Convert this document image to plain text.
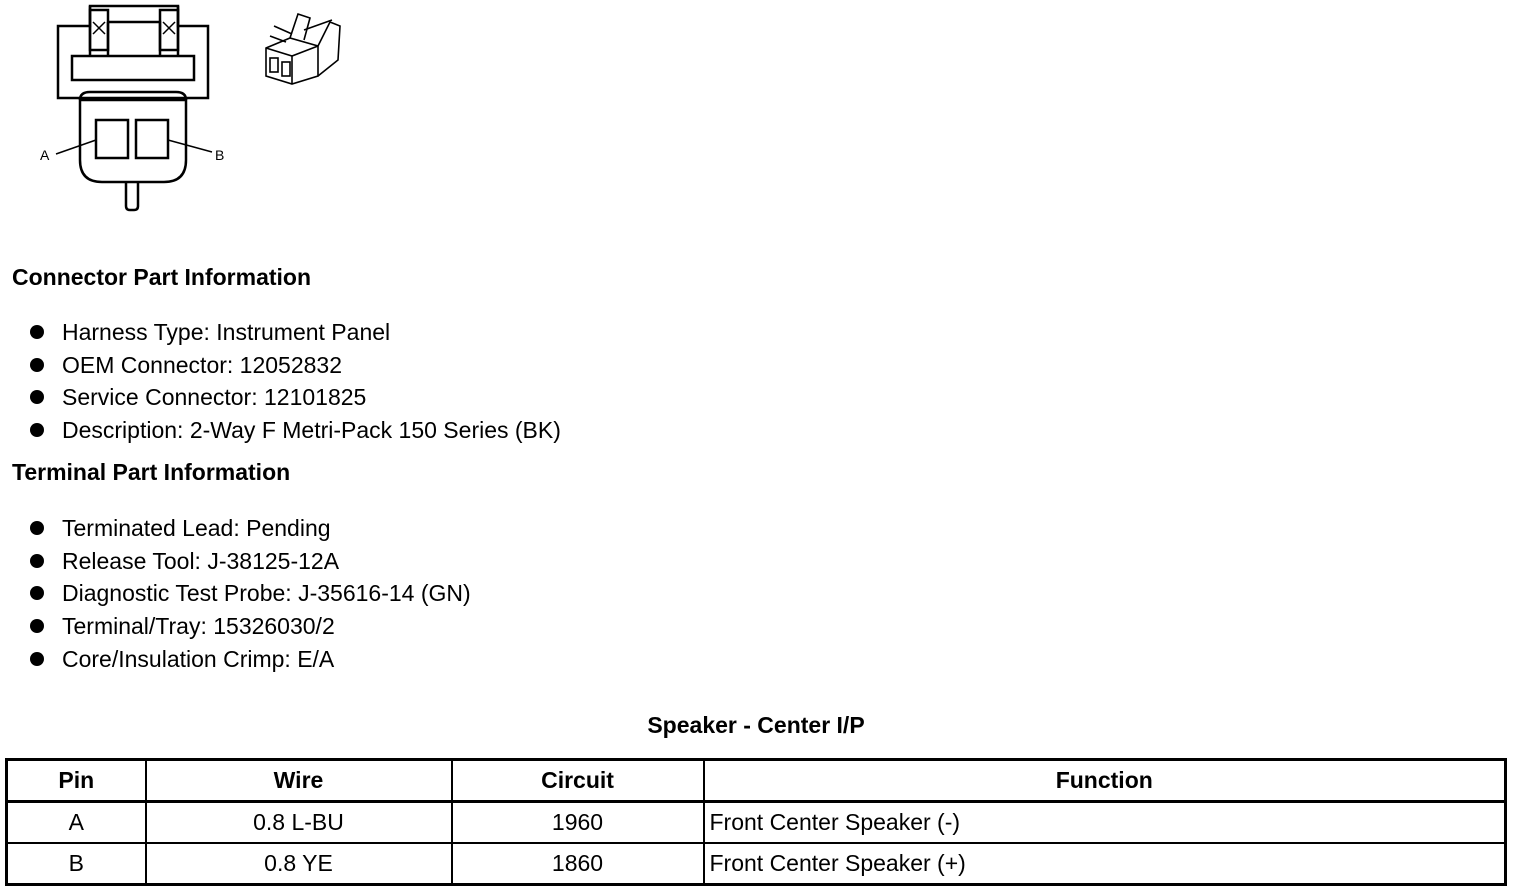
A	B
Connector Part Information
Harness Type: Instrument Panel
OEM Connector: 12052832
Service Connector: 12101825
Description: 2-Way F Metri-Pack 150 Series (BK)
Terminal Part Information
Terminated Lead: Pending
Release Tool: J-38125-12A
Diagnostic Test Probe: J-35616-14 (GN)
Terminal/Tray: 15326030/2
Core/Insulation Crimp: E/A
Speaker - Center I/P
Pin	Wire	Circuit	Function
A	0.8 L-BU	1960	Front Center Speaker (-)
B	0.8 YE	1860	Front Center Speaker (+)
